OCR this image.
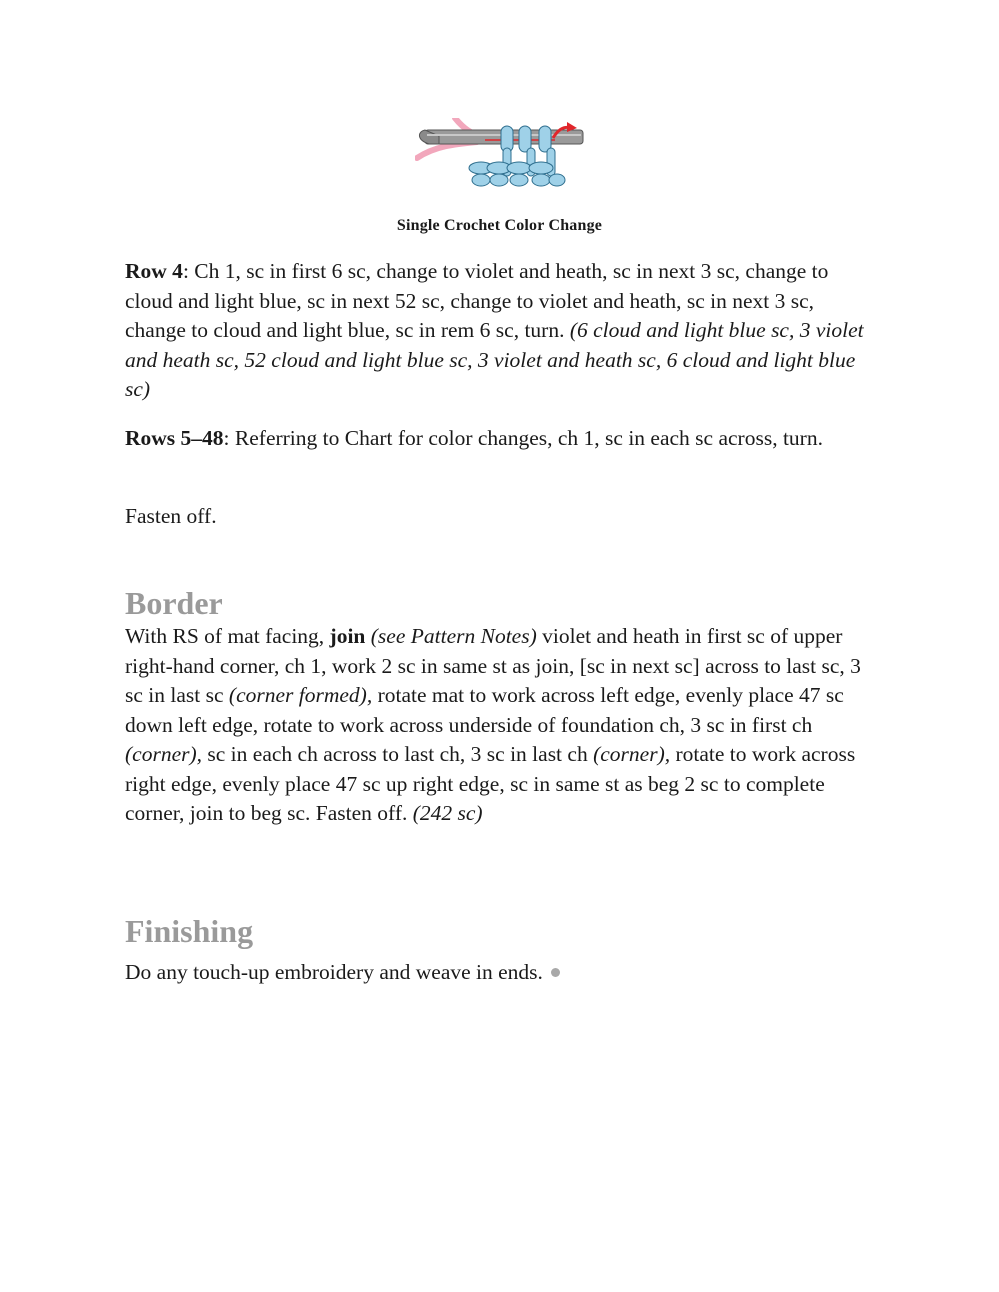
Single Crochet Color Change

Row 4: Ch 1, sc in first 6 sc, change to violet and heath, sc in next 3 sc, change to cloud and light blue, sc in next 52 sc, change to violet and heath, sc in next 3 sc, change to cloud and light blue, sc in rem 6 sc, turn. (6 cloud and light blue sc, 3 violet and heath sc, 52 cloud and light blue sc, 3 violet and heath sc, 6 cloud and light blue sc)

Rows 5–48: Referring to Chart for color changes, ch 1, sc in each sc across, turn.

Fasten off.

Border

With RS of mat facing, join (see Pattern Notes) violet and heath in first sc of upper right-hand corner, ch 1, work 2 sc in same st as join, [sc in next sc] across to last sc, 3 sc in last sc (corner formed), rotate mat to work across left edge, evenly place 47 sc down left edge, rotate to work across underside of foundation ch, 3 sc in first ch (corner), sc in each ch across to last ch, 3 sc in last ch (corner), rotate to work across right edge, evenly place 47 sc up right edge, sc in same st as beg 2 sc to complete corner, join to beg sc. Fasten off. (242 sc)

Finishing

Do any touch-up embroidery and weave in ends.
